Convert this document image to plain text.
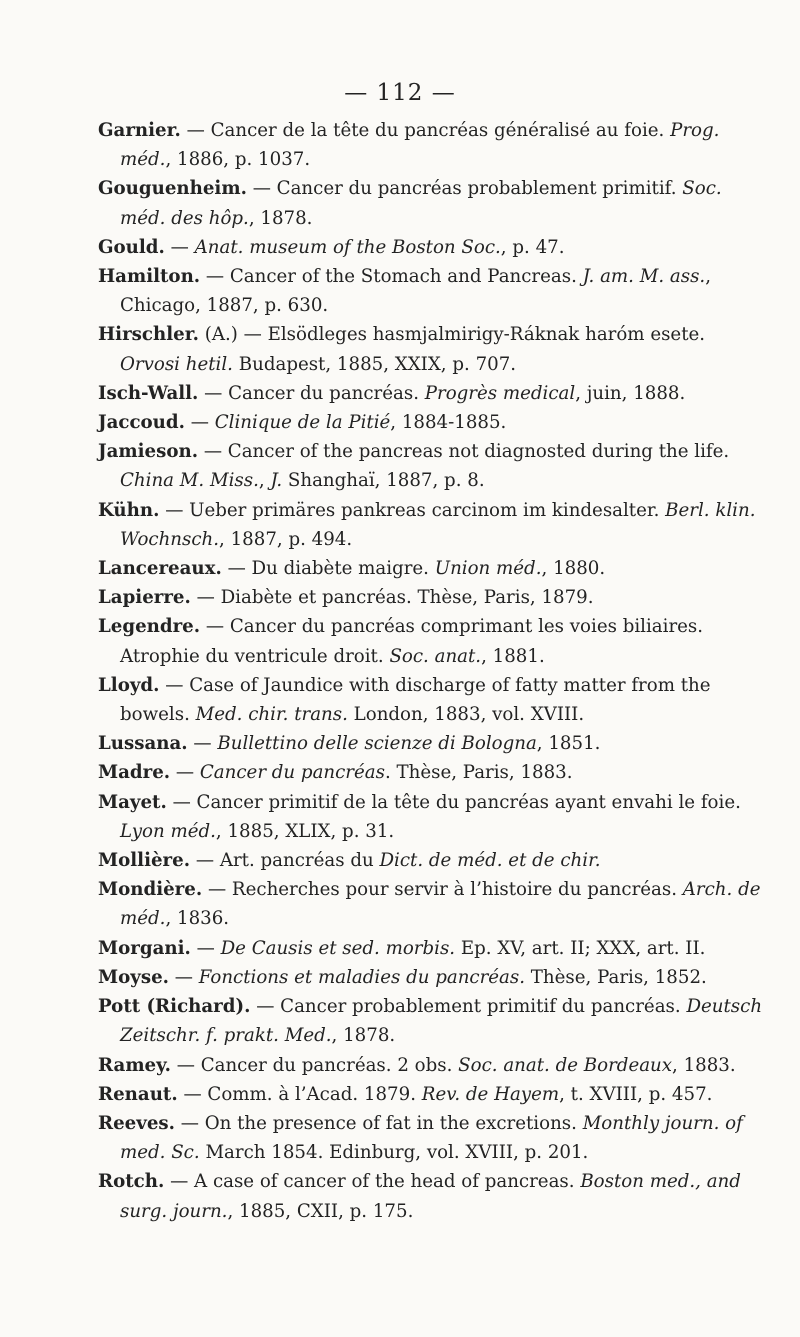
— 112 —

Garnier. — Cancer de la tête du pancréas généralisé au foie. Prog. méd., 1886, p. 1037.

Gouguenheim. — Cancer du pancréas probablement primitif. Soc. méd. des hôp., 1878.

Gould. — Anat. museum of the Boston Soc., p. 47.

Hamilton. — Cancer of the Stomach and Pancreas. J. am. M. ass., Chicago, 1887, p. 630.

Hirschler. (A.) — Elsödleges hasmjalmirigy-Ráknak harόm esete. Orvosi hetil. Budapest, 1885, XXIX, p. 707.

Isch-Wall. — Cancer du pancréas. Progrès medical, juin, 1888.

Jaccoud. — Clinique de la Pitié, 1884-1885.

Jamieson. — Cancer of the pancreas not diagnosted during the life. China M. Miss., J. Shanghaï, 1887, p. 8.

Kühn. — Ueber primäres pankreas carcinom im kindesalter. Berl. klin. Wochnsch., 1887, p. 494.

Lancereaux. — Du diabète maigre. Union méd., 1880.

Lapierre. — Diabète et pancréas. Thèse, Paris, 1879.

Legendre. — Cancer du pancréas comprimant les voies biliaires. Atrophie du ventricule droit. Soc. anat., 1881.

Lloyd. — Case of Jaundice with discharge of fatty matter from the bowels. Med. chir. trans. London, 1883, vol. XVIII.

Lussana. — Bullettino delle scienze di Bologna, 1851.

Madre. — Cancer du pancréas. Thèse, Paris, 1883.

Mayet. — Cancer primitif de la tête du pancréas ayant envahi le foie. Lyon méd., 1885, XLIX, p. 31.

Mollière. — Art. pancréas du Dict. de méd. et de chir.

Mondière. — Recherches pour servir à l’histoire du pancréas. Arch. de méd., 1836.

Morgani. — De Causis et sed. morbis. Ep. XV, art. II; XXX, art. II.

Moyse. — Fonctions et maladies du pancréas. Thèse, Paris, 1852.

Pott (Richard). — Cancer probablement primitif du pancréas. Deutsch Zeitschr. f. prakt. Med., 1878.

Ramey. — Cancer du pancréas. 2 obs. Soc. anat. de Bordeaux, 1883.

Renaut. — Comm. à l’Acad. 1879. Rev. de Hayem, t. XVIII, p. 457.

Reeves. — On the presence of fat in the excretions. Monthly journ. of med. Sc. March 1854. Edinburg, vol. XVIII, p. 201.

Rotch. — A case of cancer of the head of pancreas. Boston med., and surg. journ., 1885, CXII, p. 175.
